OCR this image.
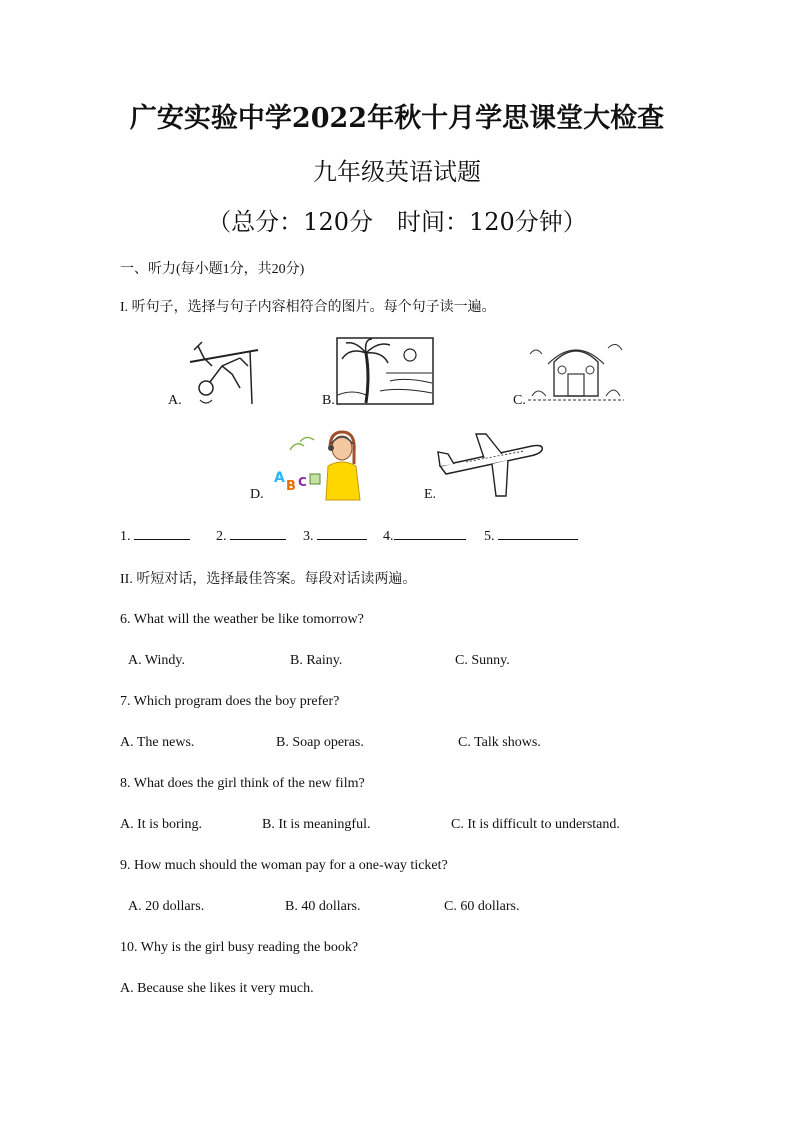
广安实验中学2022年秋十月学思课堂大检查
九年级英语试题
（总分：120分　时间：120分钟）
一、听力(每小题1分，共20分)
I. 听句子，选择与句子内容相符合的图片。每个句子读一遍。
A.	B.	C.
D.
A
B C
E.
1.	2.	3.	4.	5.
II. 听短对话，选择最佳答案。每段对话读两遍。
6. What will the weather be like tomorrow?
A. Windy.	B. Rainy.	C. Sunny.
7. Which program does the boy prefer?
A. The news.	B. Soap operas.	C. Talk shows.
8. What does the girl think of the new film?
A. It is boring.	B. It is meaningful.	C. It is difficult to understand.
9. How much should the woman pay for a one-way ticket?
A. 20 dollars.	B. 40 dollars.	C. 60 dollars.
10. Why is the girl busy reading the book?
A. Because she likes it very much.
